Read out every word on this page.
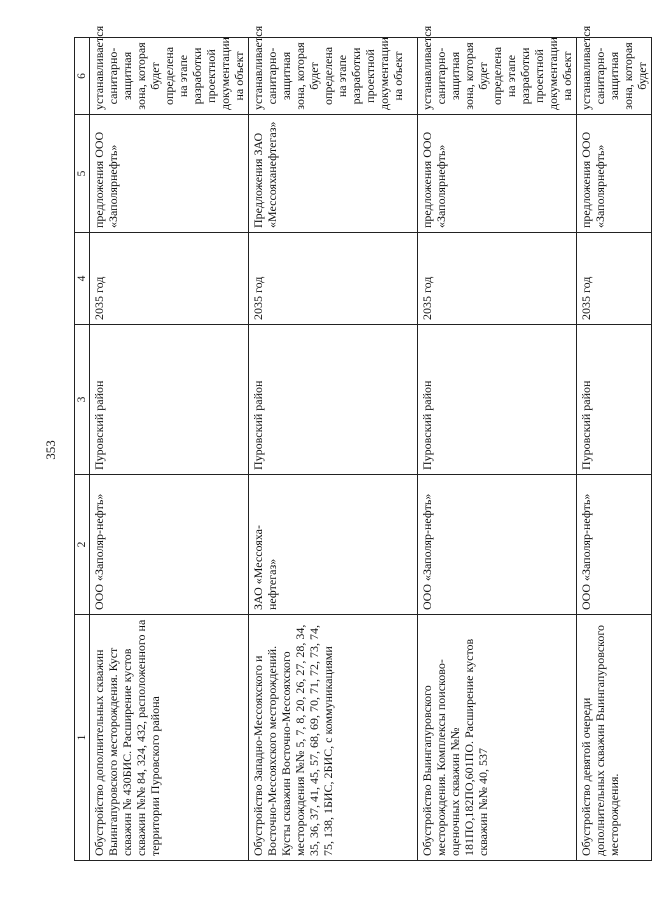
353
1	2	3	4	5	6
Обустройство дополнительных скважин Выингапуровского месторождения. Куст скважин № 430БИС. Расширение кустов скважин №№ 84, 324, 432, расположенного на территории Пуровского района	ООО «Заполяр-нефть»	Пуровский район	2035 год	предложения ООО «Заполярнефть»	устанавливается санитарно-защитная зона, которая будет определена на этапе разработки проектной документации на объект
Обустройство Западно-Мессояхского и Восточно-Мессояхского месторождений. Кусты скважин Восточно-Мессояхского месторождения №№ 5, 7, 8, 20, 26, 27, 28, 34, 35, 36, 37, 41, 45, 57, 68, 69, 70, 71, 72, 73, 74, 75, 138, 1БИС, 2БИС, с коммуникациями	ЗАО «Мессояха-нефтегаз»	Пуровский район	2035 год	Предложения ЗАО «Мессояханефтегаз»	устанавливается санитарно-защитная зона, которая будет определена на этапе разработки проектной документации на объект
Обустройство Выингапуровского месторождения. Комплексы поисково-оценочных скважин №№ 181ПО,182ПО,601ПО. Расширение кустов скважин №№ 40, 537	ООО «Заполяр-нефть»	Пуровский район	2035 год	предложения ООО «Заполярнефть»	устанавливается санитарно-защитная зона, которая будет определена на этапе разработки проектной документации на объект
Обустройство девятой очереди дополнительных скважин Выингапуровского месторождения.	ООО «Заполяр-нефть»	Пуровский район	2035 год	предложения ООО «Заполярнефть»	устанавливается санитарно-защитная зона, которая будет
